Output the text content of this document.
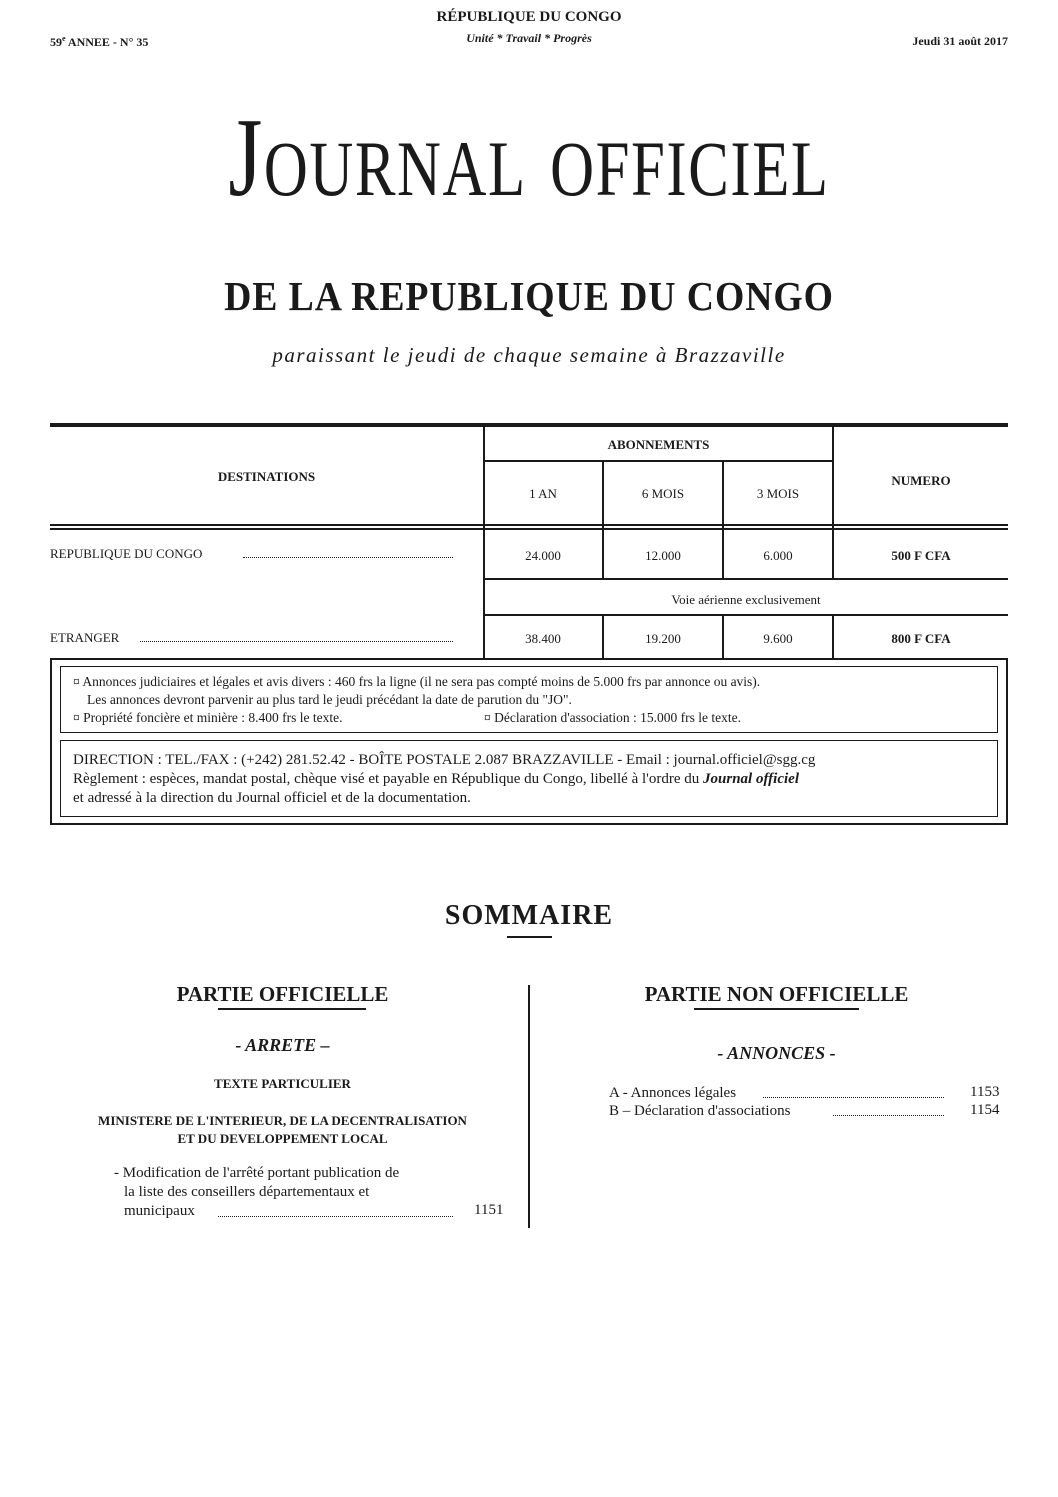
RÉPUBLIQUE DU CONGO
Unité * Travail * Progrès
59e ANNEE - N° 35	Jeudi 31 août 2017
Journal officiel
DE LA REPUBLIQUE DU CONGO
paraissant le jeudi de chaque semaine à Brazzaville
DESTINATIONS
ABONNEMENTS
NUMERO
1 AN	6 MOIS	3 MOIS
REPUBLIQUE DU CONGO	24.000	12.000	6.000	500 F CFA
Voie aérienne exclusivement
ETRANGER	38.400	19.200	9.600	800 F CFA
¤ Annonces judiciaires et légales et avis divers : 460 frs la ligne (il ne sera pas compté moins de 5.000 frs par annonce ou avis).
Les annonces devront parvenir au plus tard le jeudi précédant la date de parution du "JO".
¤ Propriété foncière et minière : 8.400 frs le texte.	¤ Déclaration d'association : 15.000 frs le texte.
DIRECTION : TEL./FAX : (+242) 281.52.42 - BOÎTE POSTALE 2.087 BRAZZAVILLE - Email : journal.officiel@sgg.cg
Règlement : espèces, mandat postal, chèque visé et payable en République du Congo, libellé à l'ordre du Journal officiel
et adressé à la direction du Journal officiel et de la documentation.
SOMMAIRE
PARTIE OFFICIELLE
- ARRETE –
TEXTE PARTICULIER
MINISTERE DE L'INTERIEUR, DE LA DECENTRALISATION
ET DU DEVELOPPEMENT LOCAL
- Modification de l'arrêté portant publication de
la liste des conseillers départementaux et
municipaux	1151
PARTIE NON OFFICIELLE
- ANNONCES -
A - Annonces légales	1153
B – Déclaration d'associations	1154
